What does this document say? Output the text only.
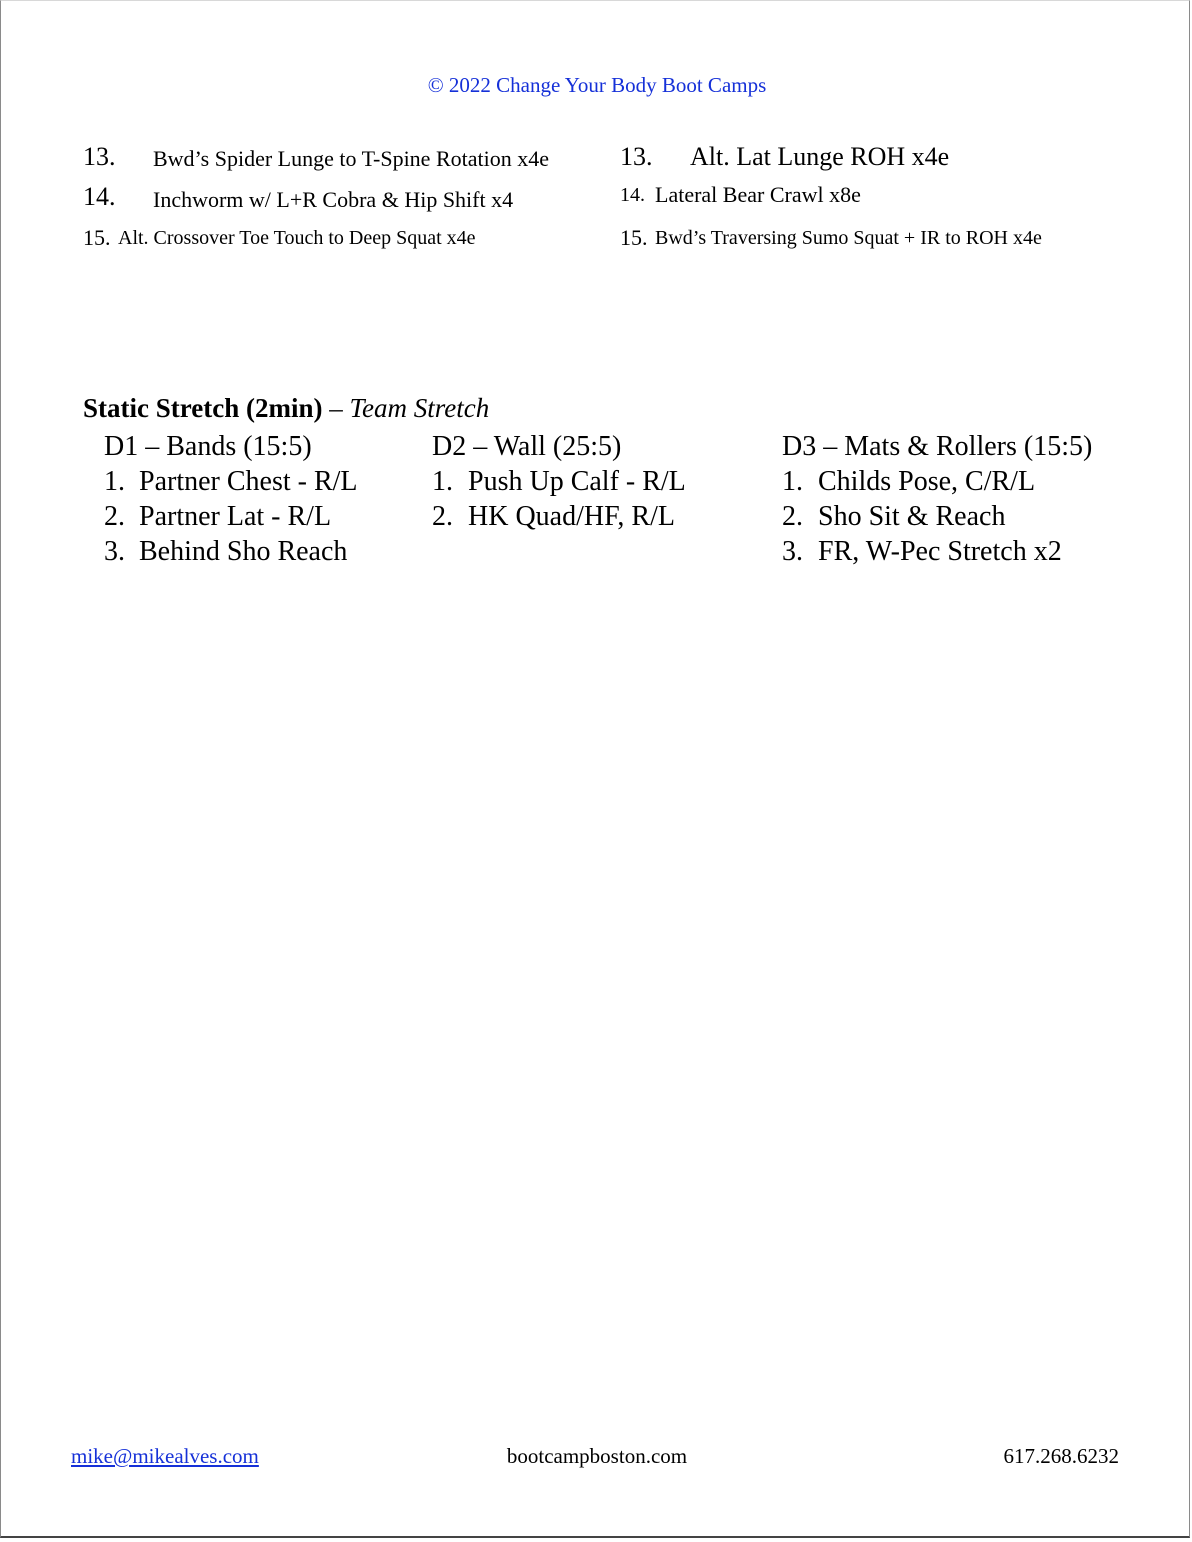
© 2022 Change Your Body Boot Camps
13. Bwd’s Spider Lunge to T-Spine Rotation x4e
14. Inchworm w/ L+R Cobra & Hip Shift x4
15. Alt. Crossover Toe Touch to Deep Squat x4e
13. Alt. Lat Lunge ROH x4e
14. Lateral Bear Crawl x8e
15. Bwd’s Traversing Sumo Squat + IR to ROH x4e
Static Stretch (2min) – Team Stretch
D1 – Bands (15:5)
1. Partner Chest - R/L
2. Partner Lat - R/L
3. Behind Sho Reach
D2 – Wall (25:5)
1. Push Up Calf - R/L
2. HK Quad/HF, R/L
D3 – Mats & Rollers (15:5)
1. Childs Pose, C/R/L
2. Sho Sit & Reach
3. FR, W-Pec Stretch x2
mike@mikealves.com	bootcampboston.com	617.268.6232
